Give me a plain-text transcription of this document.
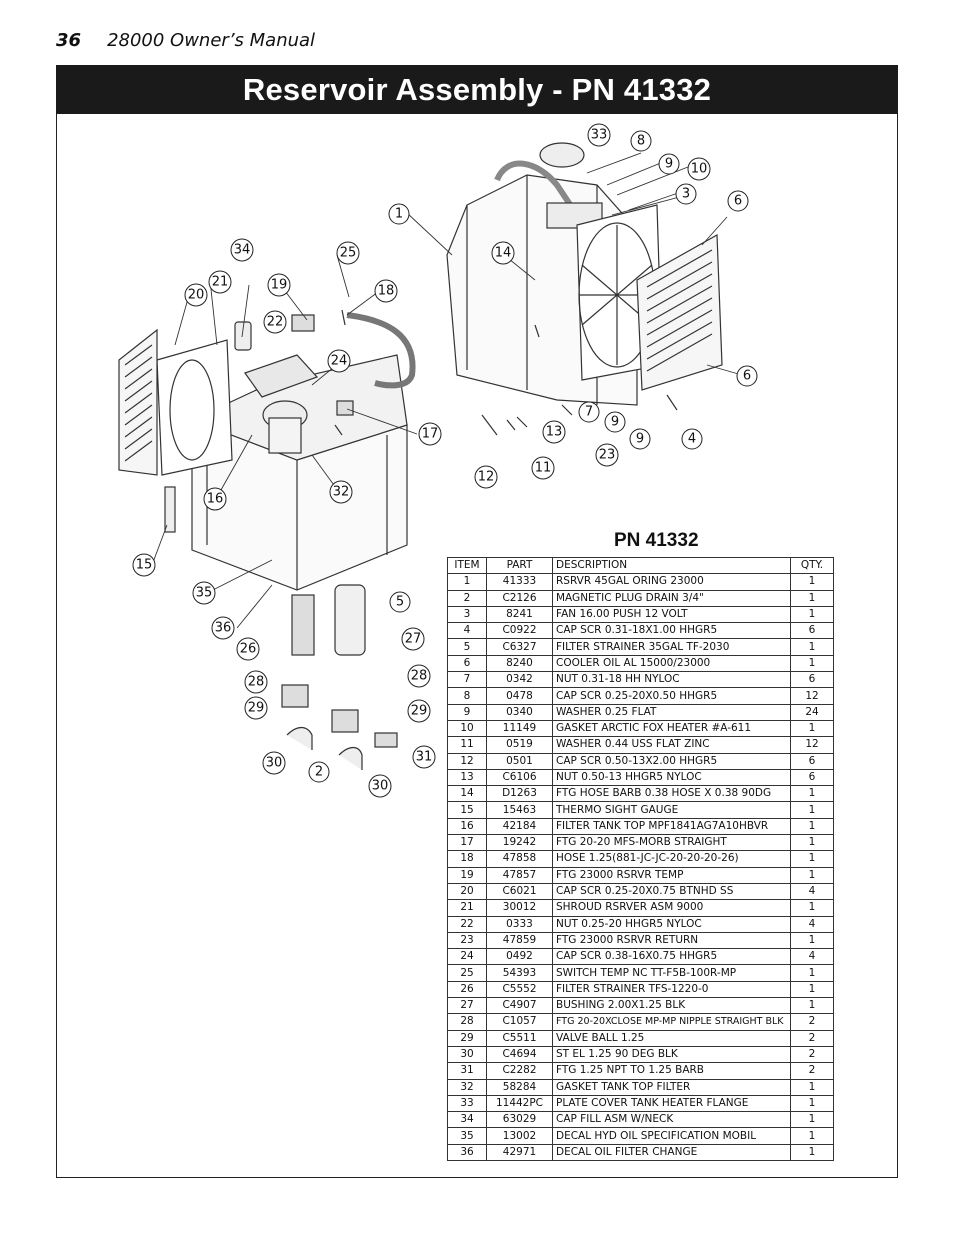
36 28000 Owner’s Manual
Reservoir Assembly - PN 41332
1
2
3
4
5
6
6
7
8
9
9
9
10
11
12
13
14
15
16
17
18
19
20
21
22
23
24
25
26
27
28	28
29	29
30
30
31
32
33
34
35
36
PN 41332
ITEM	PART	DESCRIPTION	QTY.
1	41333	RSRVR 45GAL ORING 23000	1
2	C2126	MAGNETIC PLUG DRAIN 3/4"	1
3	8241	FAN 16.00 PUSH 12 VOLT	1
4	C0922	CAP SCR 0.31-18X1.00 HHGR5	6
5	C6327	FILTER STRAINER 35GAL TF-2030	1
6	8240	COOLER OIL AL 15000/23000	1
7	0342	NUT 0.31-18 HH NYLOC	6
8	0478	CAP SCR 0.25-20X0.50 HHGR5	12
9	0340	WASHER 0.25 FLAT	24
10	11149	GASKET ARCTIC FOX HEATER #A-611	1
11	0519	WASHER 0.44 USS FLAT ZINC	12
12	0501	CAP SCR 0.50-13X2.00 HHGR5	6
13	C6106	NUT 0.50-13 HHGR5 NYLOC	6
14	D1263	FTG HOSE BARB 0.38 HOSE X 0.38 90DG	1
15	15463	THERMO SIGHT GAUGE	1
16	42184	FILTER TANK TOP MPF1841AG7A10HBVR	1
17	19242	FTG 20-20 MFS-MORB STRAIGHT	1
18	47858	HOSE 1.25(881-JC-JC-20-20-20-26)	1
19	47857	FTG 23000 RSRVR TEMP	1
20	C6021	CAP SCR 0.25-20X0.75 BTNHD SS	4
21	30012	SHROUD RSRVER ASM 9000	1
22	0333	NUT 0.25-20 HHGR5 NYLOC	4
23	47859	FTG 23000 RSRVR RETURN	1
24	0492	CAP SCR 0.38-16X0.75 HHGR5	4
25	54393	SWITCH TEMP NC TT-F5B-100R-MP	1
26	C5552	FILTER STRAINER TFS-1220-0	1
27	C4907	BUSHING 2.00X1.25 BLK	1
28	C1057	FTG 20-20XCLOSE MP-MP NIPPLE STRAIGHT BLK	2
29	C5511	VALVE BALL 1.25	2
30	C4694	ST EL 1.25 90 DEG BLK	2
31	C2282	FTG 1.25 NPT TO 1.25 BARB	2
32	58284	GASKET TANK TOP FILTER	1
33	11442PC	PLATE COVER TANK HEATER FLANGE	1
34	63029	CAP FILL ASM W/NECK	1
35	13002	DECAL HYD OIL SPECIFICATION MOBIL	1
36	42971	DECAL OIL FILTER CHANGE	1
